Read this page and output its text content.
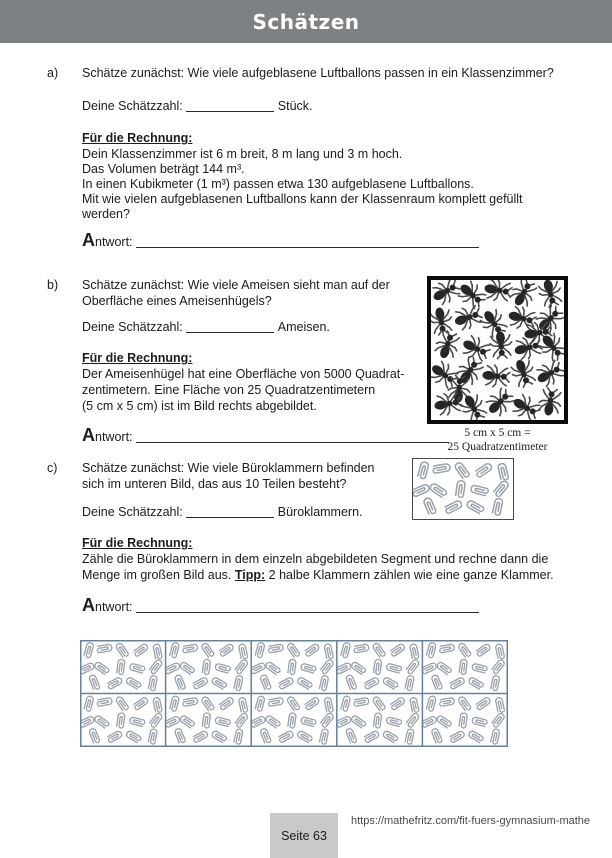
Schätzen
a) Schätze zunächst: Wie viele aufgeblasene Luftballons passen in ein Klassenzimmer?
Deine Schätzzahl:	Stück.
Für die Rechnung:
Dein Klassenzimmer ist 6 m breit, 8 m lang und 3 m hoch.
Das Volumen beträgt 144 m³.
In einen Kubikmeter (1 m³) passen etwa 130 aufgeblasene Luftballons.
Mit wie vielen aufgeblasenen Luftballons kann der Klassenraum komplett gefüllt
werden?
Antwort:
b) Schätze zunächst: Wie viele Ameisen sieht man auf der
Oberfläche eines Ameisenhügels?
Deine Schätzzahl:	Ameisen.
Für die Rechnung:
Der Ameisenhügel hat eine Oberfläche von 5000 Quadrat-
zentimetern. Eine Fläche von 25 Quadratzentimetern
(5 cm x 5 cm) ist im Bild rechts abgebildet.
Antwort:	5 cm x 5 cm =
25 Quadratzentimeter
c) Schätze zunächst: Wie viele Büroklammern befinden
sich im unteren Bild, das aus 10 Teilen besteht?
Deine Schätzzahl:	Büroklammern.
Für die Rechnung:
Zähle die Büroklammern in dem einzeln abgebildeten Segment und rechne dann die
Menge im großen Bild aus. Tipp: 2 halbe Klammern zählen wie eine ganze Klammer.
Antwort:
Seite 63
https://mathefritz.com/fit-fuers-gymnasium-mathe
